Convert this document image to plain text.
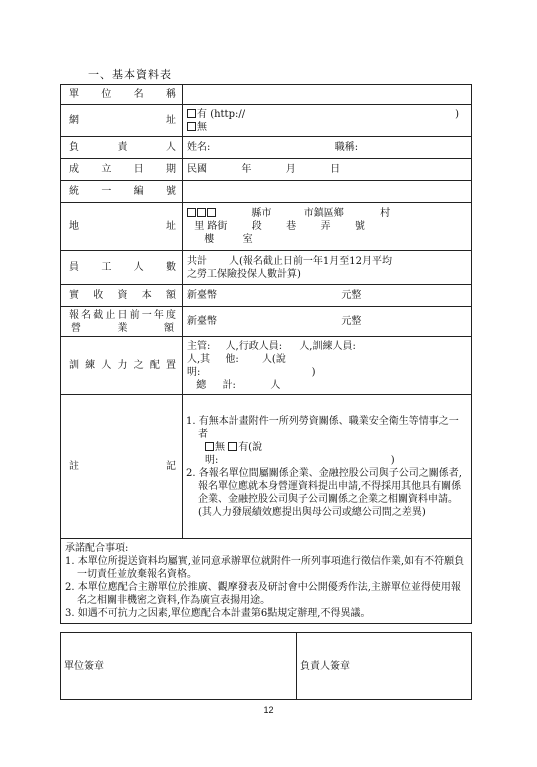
一、基本資料表
單位名稱	
網址	有 (http:// )
無

負責人	姓名: 職稱:
成立日期	民國 年 月 日
統一編號	
地址	縣市 市鎮區鄉 村
里 路街 段 巷 弄 號
樓 室

員工人數	共計 人(報名截止日前一年1月至12月平均
之勞工保險投保人數計算)

實收資本額	新臺幣 元整

報名截止日前一年度
營業額	新臺幣 元整
訓練人力之配置	主管: 人,行政人員: 人,訓練人員:
人,其 他: 人(說
明: )
總 計: 人

註記	1. 有無本計畫附件一所列勞資關係、職業安全衛生等情事之一者
無 有(說
明: )
2. 各報名單位間屬關係企業、金融控股公司與子公司之關係者,報名單位應就本身營運資料提出申請,不得採用其他具有關係企業、金融控股公司與子公司關係之企業之相關資料申請。(其人力發展績效應提出與母公司或總公司間之差異)

承諾配合事項:
1. 本單位所提送資料均屬實,並同意承辦單位就附件一所列事項進行徵信作業,如有不符願負一切責任並放棄報名資格。
2. 本單位應配合主辦單位於推廣、觀摩發表及研討會中公開優秀作法,主辦單位並得使用報名之相關非機密之資料,作為廣宣表揚用途。
3. 如遇不可抗力之因素,單位應配合本計畫第6點規定辦理,不得異議。	
單位簽章	負責人簽章
12
